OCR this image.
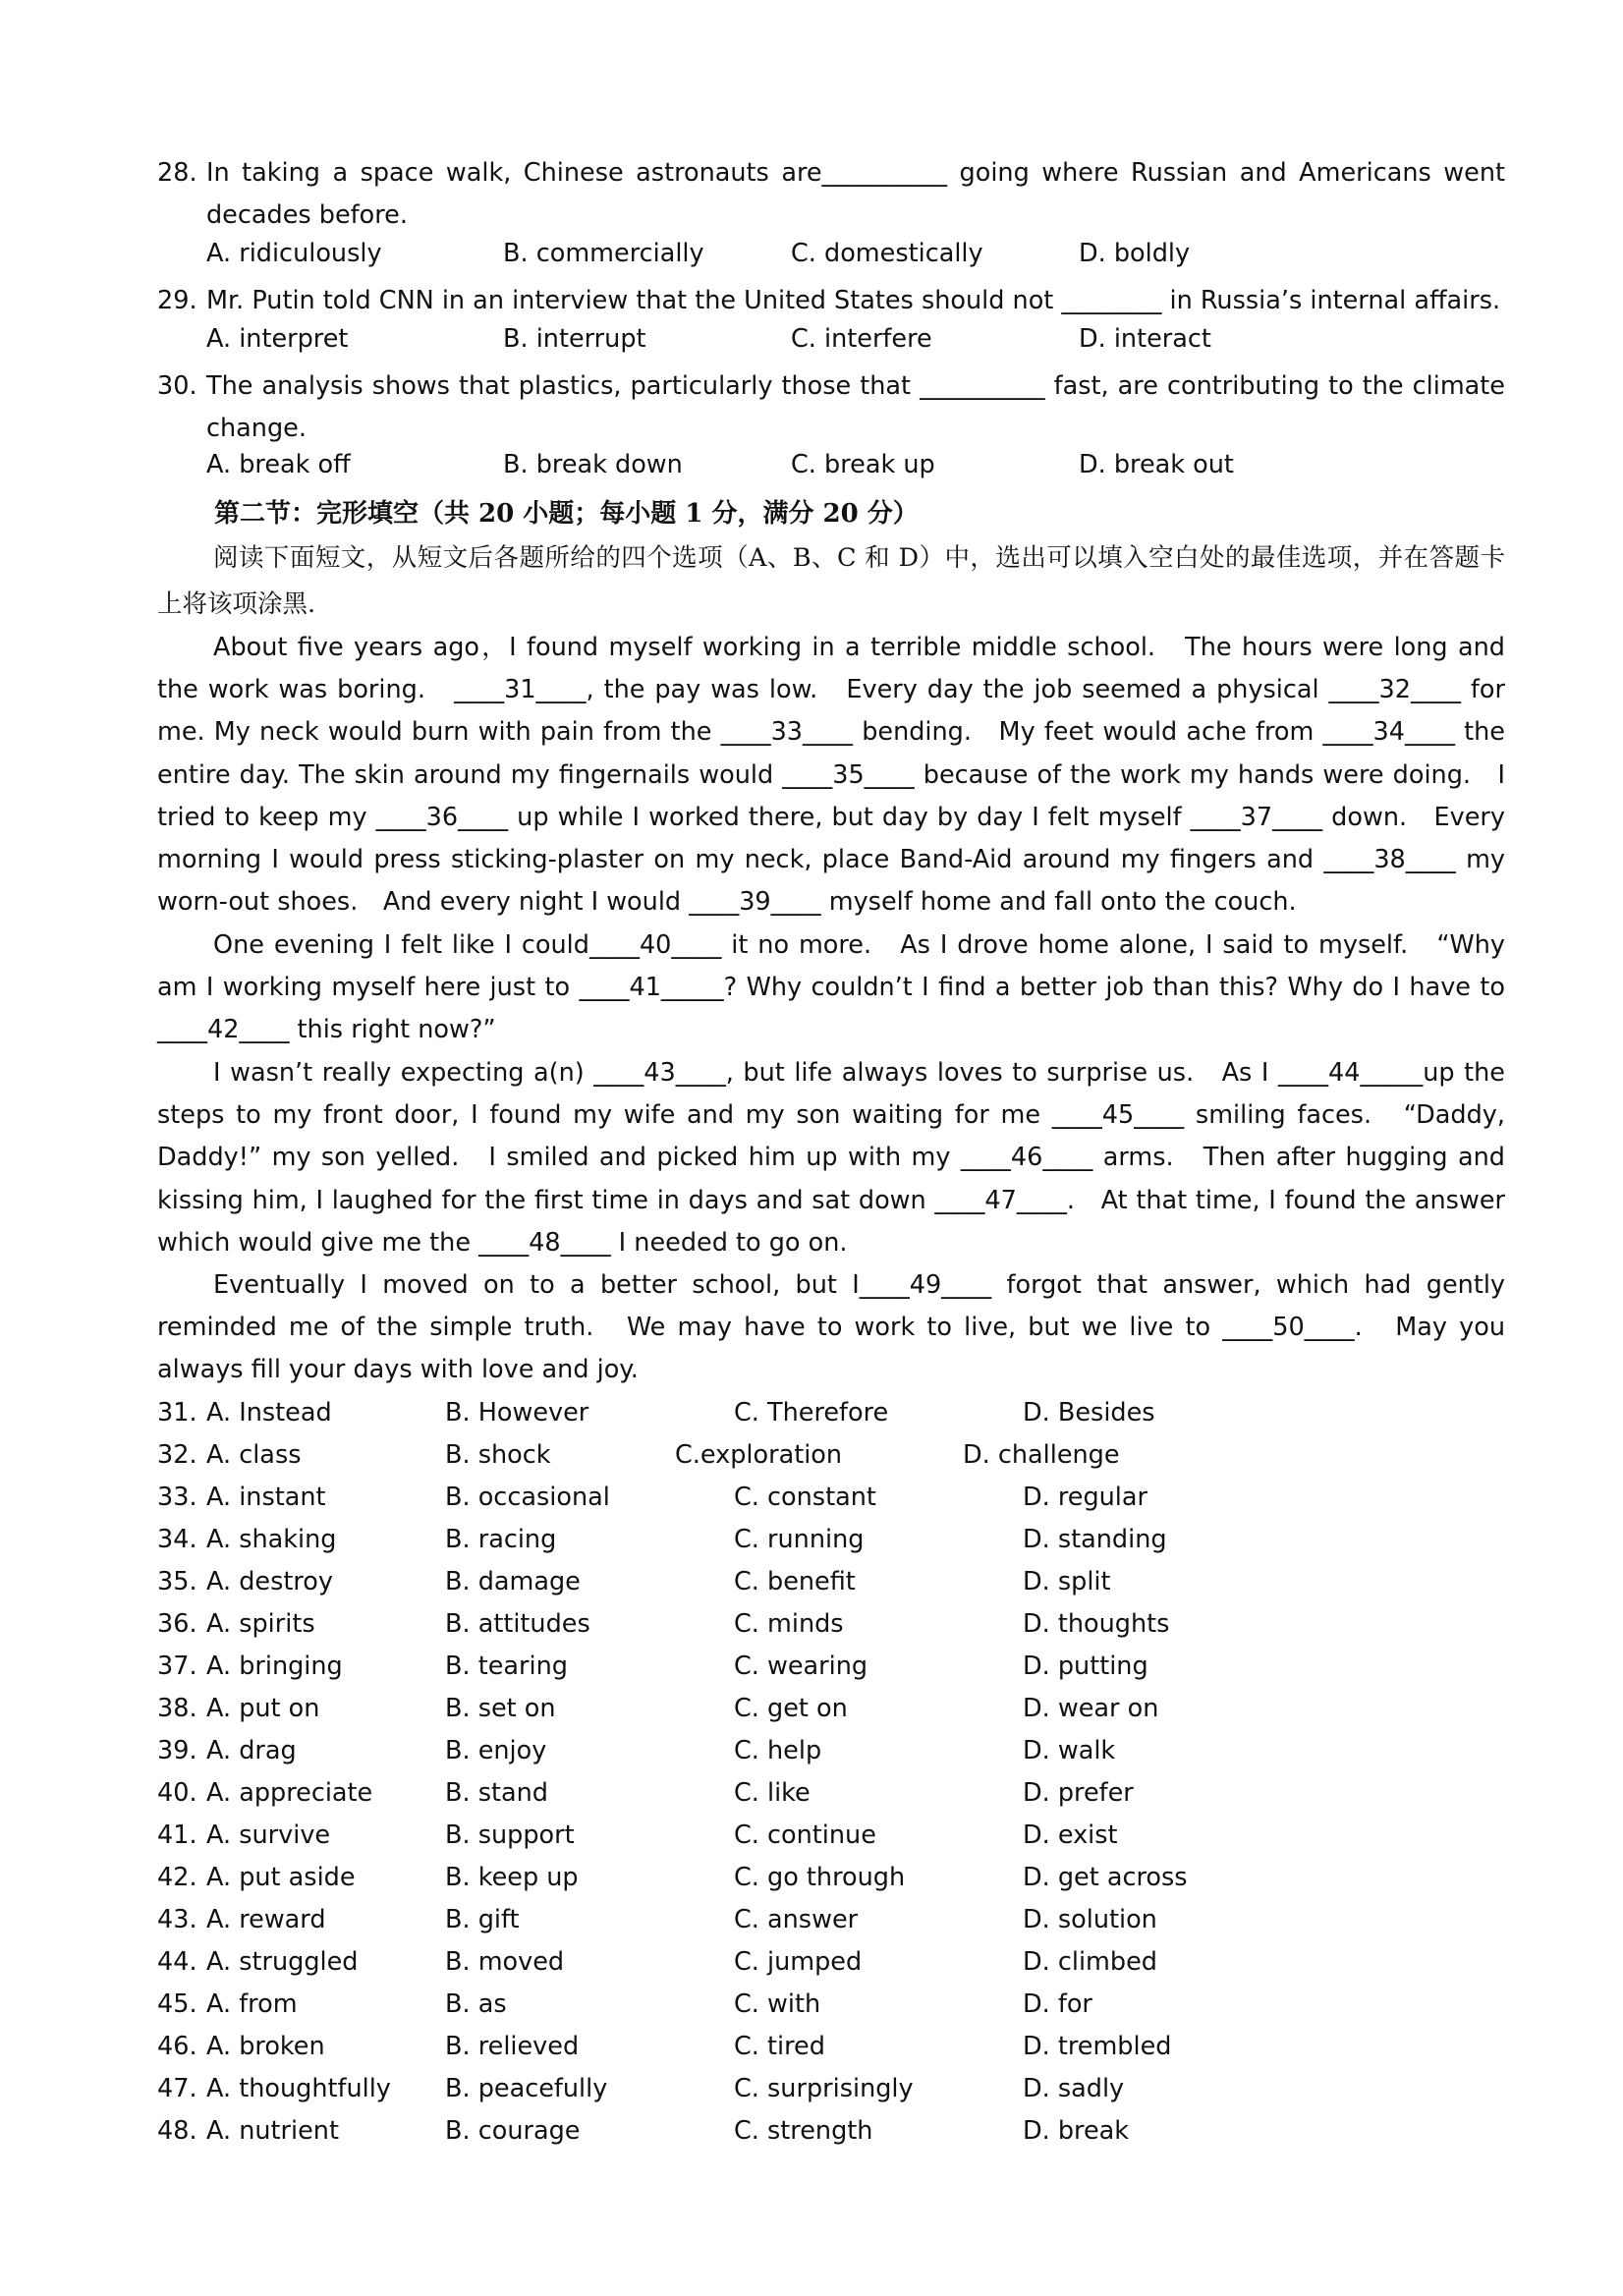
28. In taking a space walk, Chinese astronauts are__________ going where Russian and Americans went decades before.
A. ridiculously	B. commercially	C. domestically	D. boldly
29. Mr. Putin told CNN in an interview that the United States should not ________ in Russia’s internal affairs.
A. interpret	B. interrupt	C. interfere	D. interact
30. The analysis shows that plastics, particularly those that __________ fast, are contributing to the climate change.
A. break off	B. break down	C. break up	D. break out
第二节：完形填空（共 20 小题；每小题 1 分，满分 20 分）
阅读下面短文，从短文后各题所给的四个选项（A、B、C 和 D）中，选出可以填入空白处的最佳选项，并在答题卡上将该项涂黑.
About five years ago，I found myself working in a terrible middle school.　The hours were long and the work was boring.　____31____, the pay was low.　Every day the job seemed a physical ____32____ for me. My neck would burn with pain from the ____33____ bending.　My feet would ache from ____34____ the entire day. The skin around my fingernails would ____35____ because of the work my hands were doing.　I tried to keep my ____36____ up while I worked there, but day by day I felt myself ____37____ down.　Every morning I would press sticking-plaster on my neck, place Band-Aid around my fingers and ____38____ my worn-out shoes.　And every night I would ____39____ myself home and fall onto the couch.
One evening I felt like I could____40____ it no more.　As I drove home alone, I said to myself.　“Why am I working myself here just to ____41_____? Why couldn’t I find a better job than this? Why do I have to ____42____ this right now?”
I wasn’t really expecting a(n) ____43____, but life always loves to surprise us.　As I ____44_____up the steps to my front door, I found my wife and my son waiting for me ____45____ smiling faces.　“Daddy, Daddy!” my son yelled.　I smiled and picked him up with my ____46____ arms.　Then after hugging and kissing him, I laughed for the first time in days and sat down ____47____.　At that time, I found the answer which would give me the ____48____ I needed to go on.
Eventually I moved on to a better school, but I____49____ forgot that answer, which had gently reminded me of the simple truth.　We may have to work to live, but we live to ____50____.　May you always fill your days with love and joy.
31. A. Instead	B. However	C. Therefore	D. Besides
32. A. class	B. shock	C.exploration	D. challenge
33. A. instant	B. occasional	C. constant	D. regular
34. A. shaking	B. racing	C. running	D. standing
35. A. destroy	B. damage	C. benefit	D. split
36. A. spirits	B. attitudes	C. minds	D. thoughts
37. A. bringing	B. tearing	C. wearing	D. putting
38. A. put on	B. set on	C. get on	D. wear on
39. A. drag	B. enjoy	C. help	D. walk
40. A. appreciate	B. stand	C. like	D. prefer
41. A. survive	B. support	C. continue	D. exist
42. A. put aside	B. keep up	C. go through	D. get across
43. A. reward	B. gift	C. answer	D. solution
44. A. struggled	B. moved	C. jumped	D. climbed
45. A. from	B. as	C. with	D. for
46. A. broken	B. relieved	C. tired	D. trembled
47. A. thoughtfully B. peacefully	C. surprisingly	D. sadly
48. A. nutrient	B. courage	C. strength	D. break
